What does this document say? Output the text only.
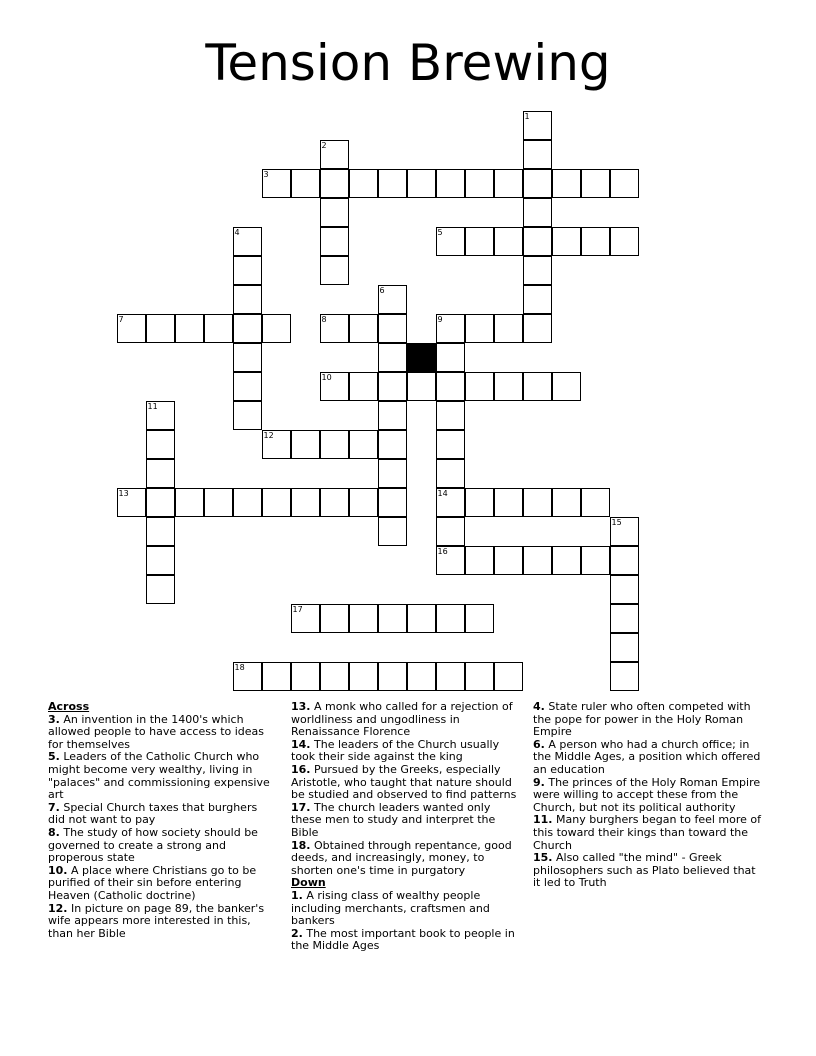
Tension Brewing
1
2
3
4	5
6
7	8	9
10
11
12
13	14
15
16
17
18
Across
3. An invention in the 1400's which allowed people to have access to ideas for themselves
5. Leaders of the Catholic Church who might become very wealthy, living in "palaces" and commissioning expensive art
7. Special Church taxes that burghers did not want to pay
8. The study of how society should be governed to create a strong and properous state
10. A place where Christians go to be purified of their sin before entering Heaven (Catholic doctrine)
12. In picture on page 89, the banker's wife appears more interested in this, than her Bible
13. A monk who called for a rejection of worldliness and ungodliness in Renaissance Florence
14. The leaders of the Church usually took their side against the king
16. Pursued by the Greeks, especially Aristotle, who taught that nature should be studied and observed to find patterns
17. The church leaders wanted only these men to study and interpret the Bible
18. Obtained through repentance, good deeds, and increasingly, money, to shorten one's time in purgatory
Down
1. A rising class of wealthy people including merchants, craftsmen and bankers
2. The most important book to people in the Middle Ages
4. State ruler who often competed with the pope for power in the Holy Roman Empire
6. A person who had a church office; in the Middle Ages, a position which offered an education
9. The princes of the Holy Roman Empire were willing to accept these from the Church, but not its political authority
11. Many burghers began to feel more of this toward their kings than toward the Church
15. Also called "the mind" - Greek philosophers such as Plato believed that it led to Truth
